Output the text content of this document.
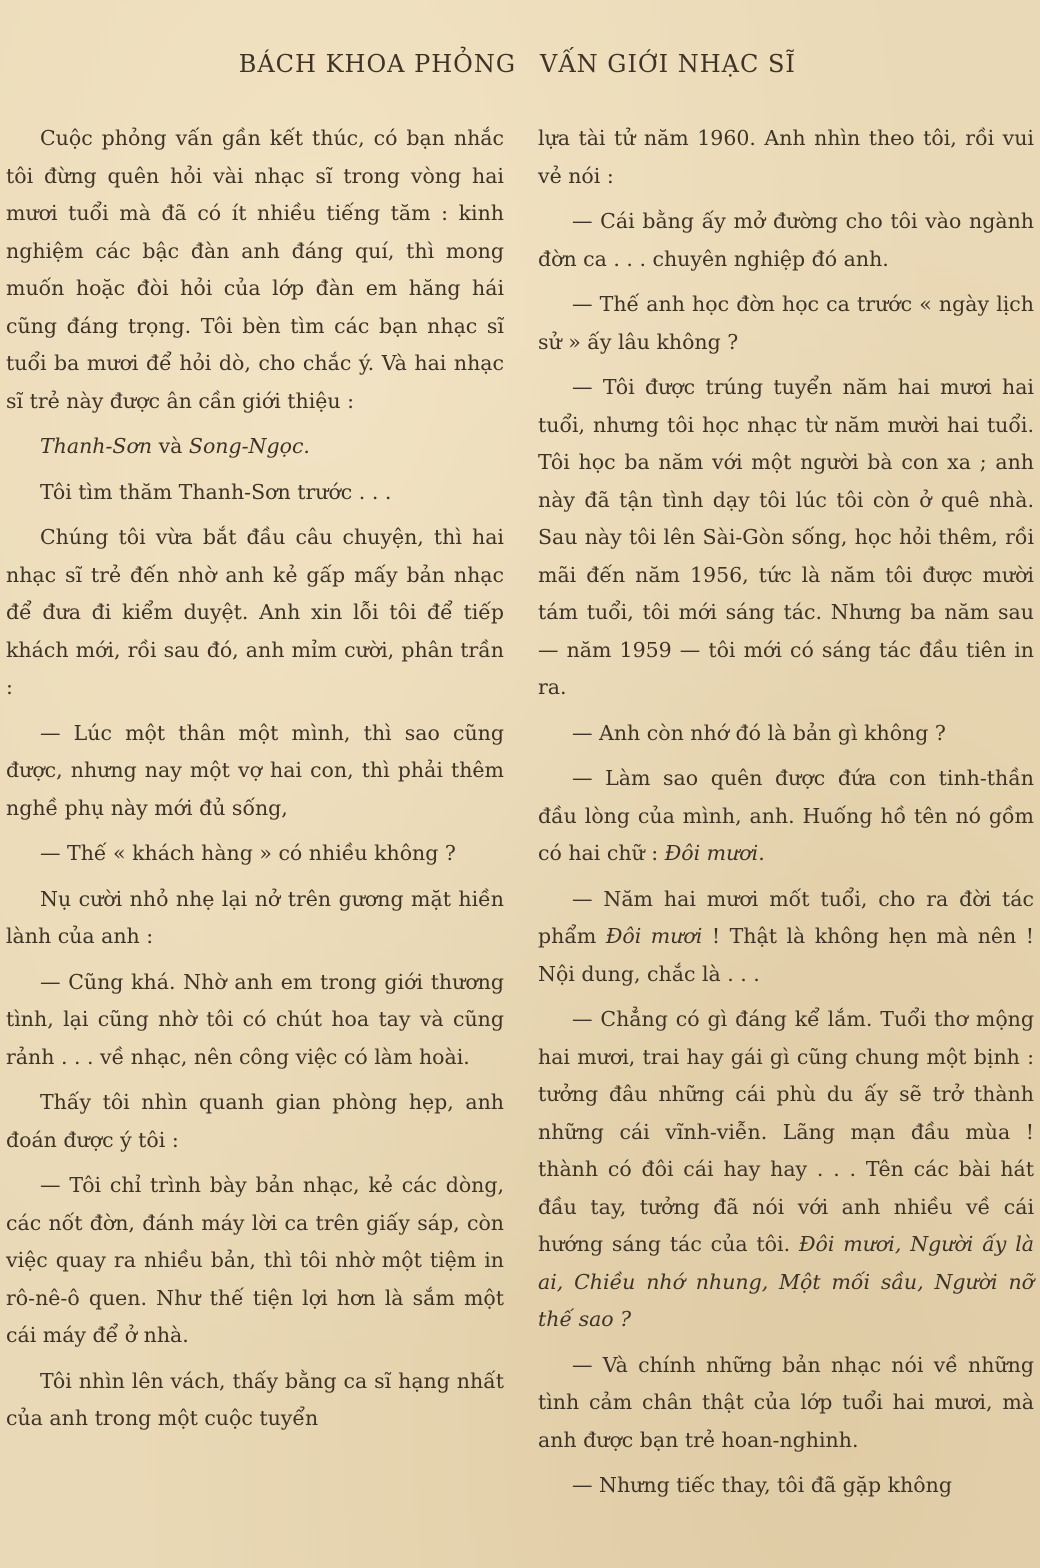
BÁCH KHOA PHỎNG VẤN GIỚI NHẠC SĨ

Cuộc phỏng vấn gần kết thúc, có bạn nhắc tôi đừng quên hỏi vài nhạc sĩ trong vòng hai mươi tuổi mà đã có ít nhiều tiếng tăm : kinh nghiệm các bậc đàn anh đáng quí, thì mong muốn hoặc đòi hỏi của lớp đàn em hăng hái cũng đáng trọng. Tôi bèn tìm các bạn nhạc sĩ tuổi ba mươi để hỏi dò, cho chắc ý. Và hai nhạc sĩ trẻ này được ân cần giới thiệu :

Thanh-Sơn và Song-Ngọc.

Tôi tìm thăm Thanh-Sơn trước . . .

Chúng tôi vừa bắt đầu câu chuyện, thì hai nhạc sĩ trẻ đến nhờ anh kẻ gấp mấy bản nhạc để đưa đi kiểm duyệt. Anh xin lỗi tôi để tiếp khách mới, rồi sau đó, anh mỉm cười, phân trần :

— Lúc một thân một mình, thì sao cũng được, nhưng nay một vợ hai con, thì phải thêm nghề phụ này mới đủ sống,

— Thế « khách hàng » có nhiều không ?

Nụ cười nhỏ nhẹ lại nở trên gương mặt hiền lành của anh :

— Cũng khá. Nhờ anh em trong giới thương tình, lại cũng nhờ tôi có chút hoa tay và cũng rảnh . . . về nhạc, nên công việc có làm hoài.

Thấy tôi nhìn quanh gian phòng hẹp, anh đoán được ý tôi :

— Tôi chỉ trình bày bản nhạc, kẻ các dòng, các nốt đờn, đánh máy lời ca trên giấy sáp, còn việc quay ra nhiều bản, thì tôi nhờ một tiệm in rô-nê-ô quen. Như thế tiện lợi hơn là sắm một cái máy để ở nhà.

Tôi nhìn lên vách, thấy bằng ca sĩ hạng nhất của anh trong một cuộc tuyển

lựa tài tử năm 1960. Anh nhìn theo tôi, rồi vui vẻ nói :

— Cái bằng ấy mở đường cho tôi vào ngành đờn ca . . . chuyên nghiệp đó anh.

— Thế anh học đờn học ca trước « ngày lịch sử » ấy lâu không ?

— Tôi được trúng tuyển năm hai mươi hai tuổi, nhưng tôi học nhạc từ năm mười hai tuổi. Tôi học ba năm với một người bà con xa ; anh này đã tận tình dạy tôi lúc tôi còn ở quê nhà. Sau này tôi lên Sài-Gòn sống, học hỏi thêm, rồi mãi đến năm 1956, tức là năm tôi được mười tám tuổi, tôi mới sáng tác. Nhưng ba năm sau — năm 1959 — tôi mới có sáng tác đầu tiên in ra.

— Anh còn nhớ đó là bản gì không ?

— Làm sao quên được đứa con tinh-thần đầu lòng của mình, anh. Huống hồ tên nó gồm có hai chữ : Đôi mươi.

— Năm hai mươi mốt tuổi, cho ra đời tác phẩm Đôi mươi ! Thật là không hẹn mà nên ! Nội dung, chắc là . . .

— Chẳng có gì đáng kể lắm. Tuổi thơ mộng hai mươi, trai hay gái gì cũng chung một bịnh : tưởng đâu những cái phù du ấy sẽ trở thành những cái vĩnh-viễn. Lãng mạn đầu mùa ! thành có đôi cái hay hay . . . Tên các bài hát đầu tay, tưởng đã nói với anh nhiều về cái hướng sáng tác của tôi. Đôi mươi, Người ấy là ai, Chiều nhớ nhung, Một mối sầu, Người nỡ thế sao ?

— Và chính những bản nhạc nói về những tình cảm chân thật của lớp tuổi hai mươi, mà anh được bạn trẻ hoan-nghinh.

— Nhưng tiếc thay, tôi đã gặp không
